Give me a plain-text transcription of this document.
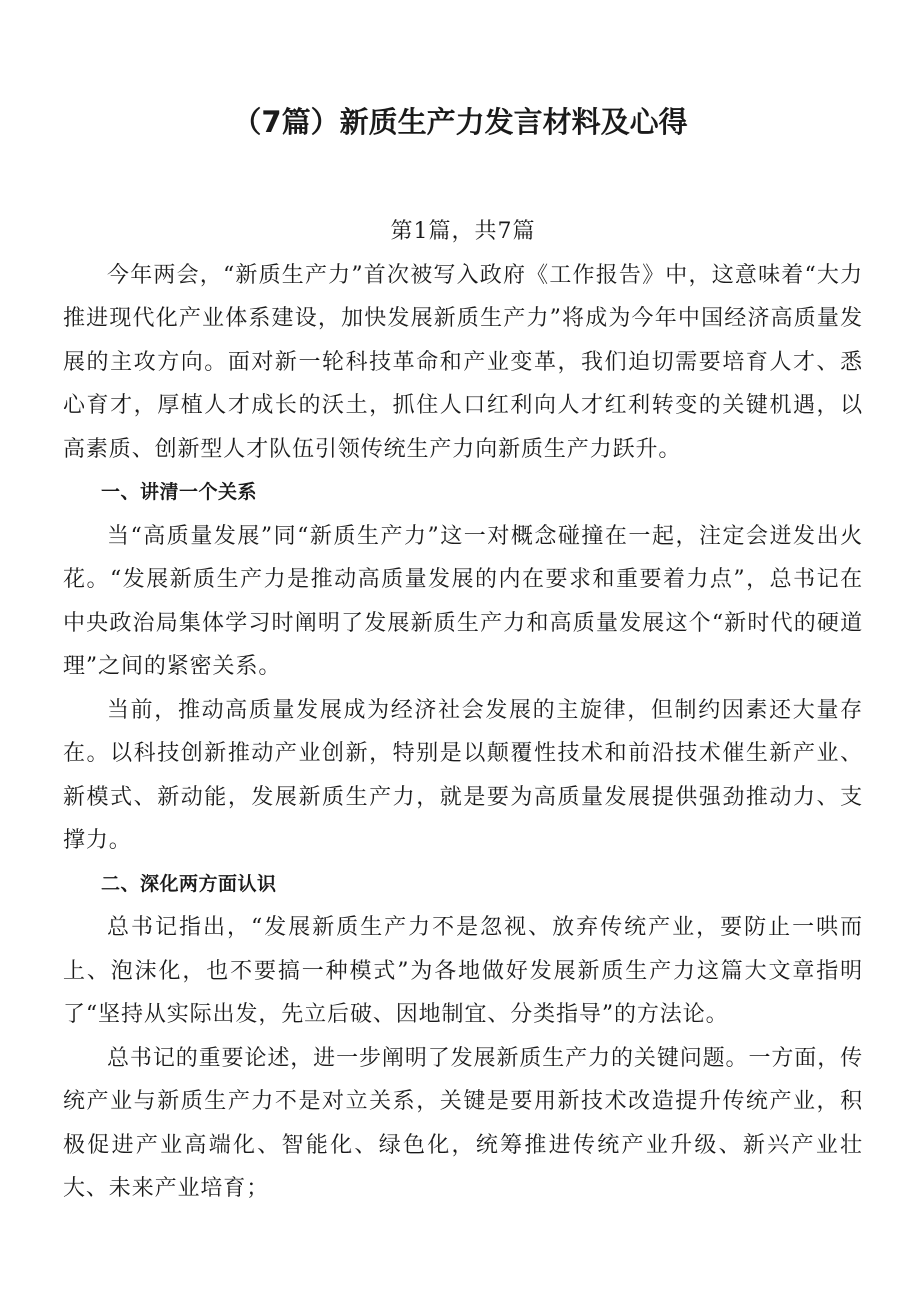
（7篇）新质生产力发言材料及心得

第1篇，共7篇

今年两会，“新质生产力”首次被写入政府《工作报告》中，这意味着“大力推进现代化产业体系建设，加快发展新质生产力”将成为今年中国经济高质量发展的主攻方向。面对新一轮科技革命和产业变革，我们迫切需要培育人才、悉心育才，厚植人才成长的沃土，抓住人口红利向人才红利转变的关键机遇，以高素质、创新型人才队伍引领传统生产力向新质生产力跃升。

一、讲清一个关系

当“高质量发展”同“新质生产力”这一对概念碰撞在一起，注定会迸发出火花。“发展新质生产力是推动高质量发展的内在要求和重要着力点”，总书记在中央政治局集体学习时阐明了发展新质生产力和高质量发展这个“新时代的硬道理”之间的紧密关系。

当前，推动高质量发展成为经济社会发展的主旋律，但制约因素还大量存在。以科技创新推动产业创新，特别是以颠覆性技术和前沿技术催生新产业、新模式、新动能，发展新质生产力，就是要为高质量发展提供强劲推动力、支撑力。

二、深化两方面认识

总书记指出，“发展新质生产力不是忽视、放弃传统产业，要防止一哄而上、泡沫化，也不要搞一种模式”为各地做好发展新质生产力这篇大文章指明了“坚持从实际出发，先立后破、因地制宜、分类指导”的方法论。

总书记的重要论述，进一步阐明了发展新质生产力的关键问题。一方面，传统产业与新质生产力不是对立关系，关键是要用新技术改造提升传统产业，积极促进产业高端化、智能化、绿色化，统筹推进传统产业升级、新兴产业壮大、未来产业培育；
